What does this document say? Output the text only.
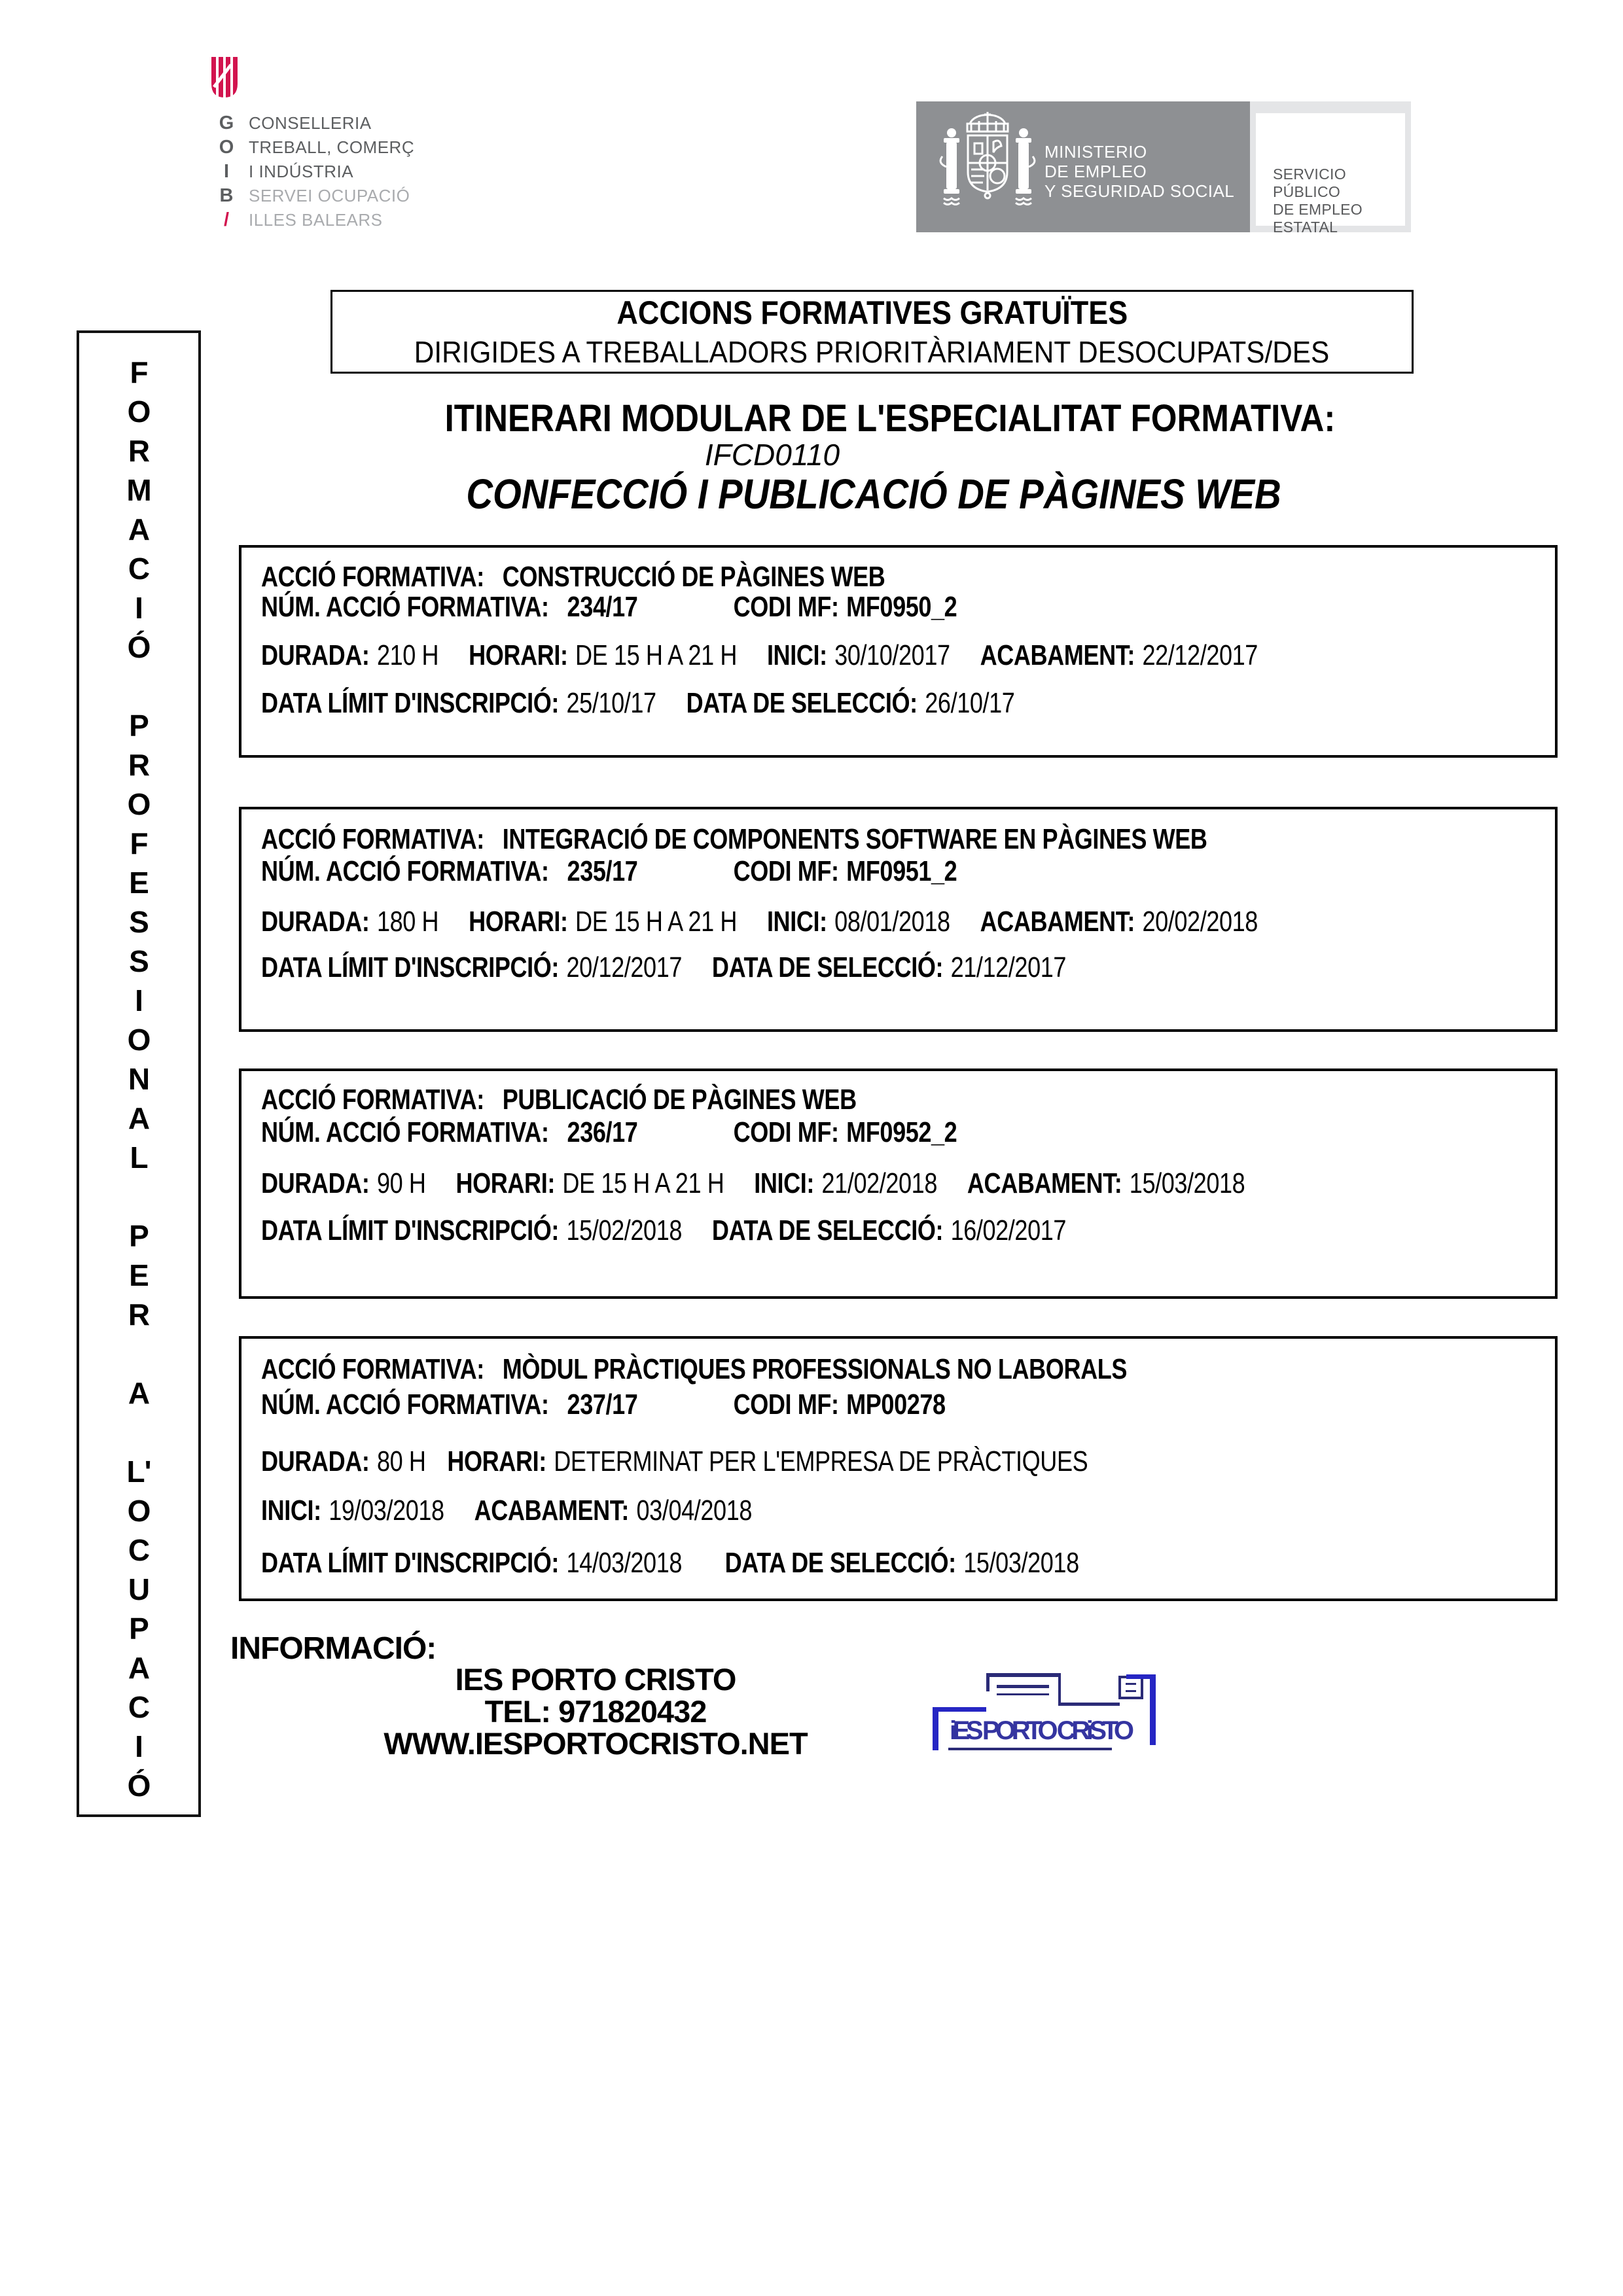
G CONSELLERIA
O TREBALL, COMERÇ
I	I INDÚSTRIA
B SERVEI OCUPACIÓ
/	ILLES BALEARS
MINISTERIO
DE EMPLEO
Y SEGURIDAD SOCIAL
SERVICIO PÚBLICO
DE EMPLEO ESTATAL
ACCIONS FORMATIVES GRATUÏTES
DIRIGIDES A TREBALLADORS PRIORITÀRIAMENT DESOCUPATS/DES
F
O
R
M
A
C
I
Ó
P
R
O
F
E
S
S
I
O
N
A
L
P
E
R
A
L'
O
C
U
P
A
C
I
Ó
ITINERARI MODULAR DE L'ESPECIALITAT FORMATIVA:
IFCD0110
CONFECCIÓ I PUBLICACIÓ DE PÀGINES WEB
ACCIÓ FORMATIVA: CONSTRUCCIÓ DE PÀGINES WEB
NÚM. ACCIÓ FORMATIVA: 234/17	CODI MF: MF0950_2
DURADA: 210 H HORARI: DE 15 H A 21 H INICI: 30/10/2017 ACABAMENT: 22/12/2017
DATA LÍMIT D'INSCRIPCIÓ: 25/10/17 DATA DE SELECCIÓ: 26/10/17
ACCIÓ FORMATIVA: INTEGRACIÓ DE COMPONENTS SOFTWARE EN PÀGINES WEB
NÚM. ACCIÓ FORMATIVA: 235/17	CODI MF: MF0951_2
DURADA: 180 H HORARI: DE 15 H A 21 H INICI: 08/01/2018 ACABAMENT: 20/02/2018
DATA LÍMIT D'INSCRIPCIÓ: 20/12/2017 DATA DE SELECCIÓ: 21/12/2017
ACCIÓ FORMATIVA: PUBLICACIÓ DE PÀGINES WEB
NÚM. ACCIÓ FORMATIVA: 236/17	CODI MF: MF0952_2
DURADA: 90 H HORARI: DE 15 H A 21 H INICI: 21/02/2018 ACABAMENT: 15/03/2018
DATA LÍMIT D'INSCRIPCIÓ: 15/02/2018 DATA DE SELECCIÓ: 16/02/2017
ACCIÓ FORMATIVA: MÒDUL PRÀCTIQUES PROFESSIONALS NO LABORALS
NÚM. ACCIÓ FORMATIVA: 237/17	CODI MF: MP00278
DURADA: 80 H HORARI: DETERMINAT PER L'EMPRESA DE PRÀCTIQUES
INICI: 19/03/2018 ACABAMENT: 03/04/2018
DATA LÍMIT D'INSCRIPCIÓ: 14/03/2018 DATA DE SELECCIÓ: 15/03/2018
INFORMACIÓ:
IES PORTO CRISTO
TEL: 971820432
WWW.IESPORTOCRISTO.NET	iES PORTO CRiSTO
